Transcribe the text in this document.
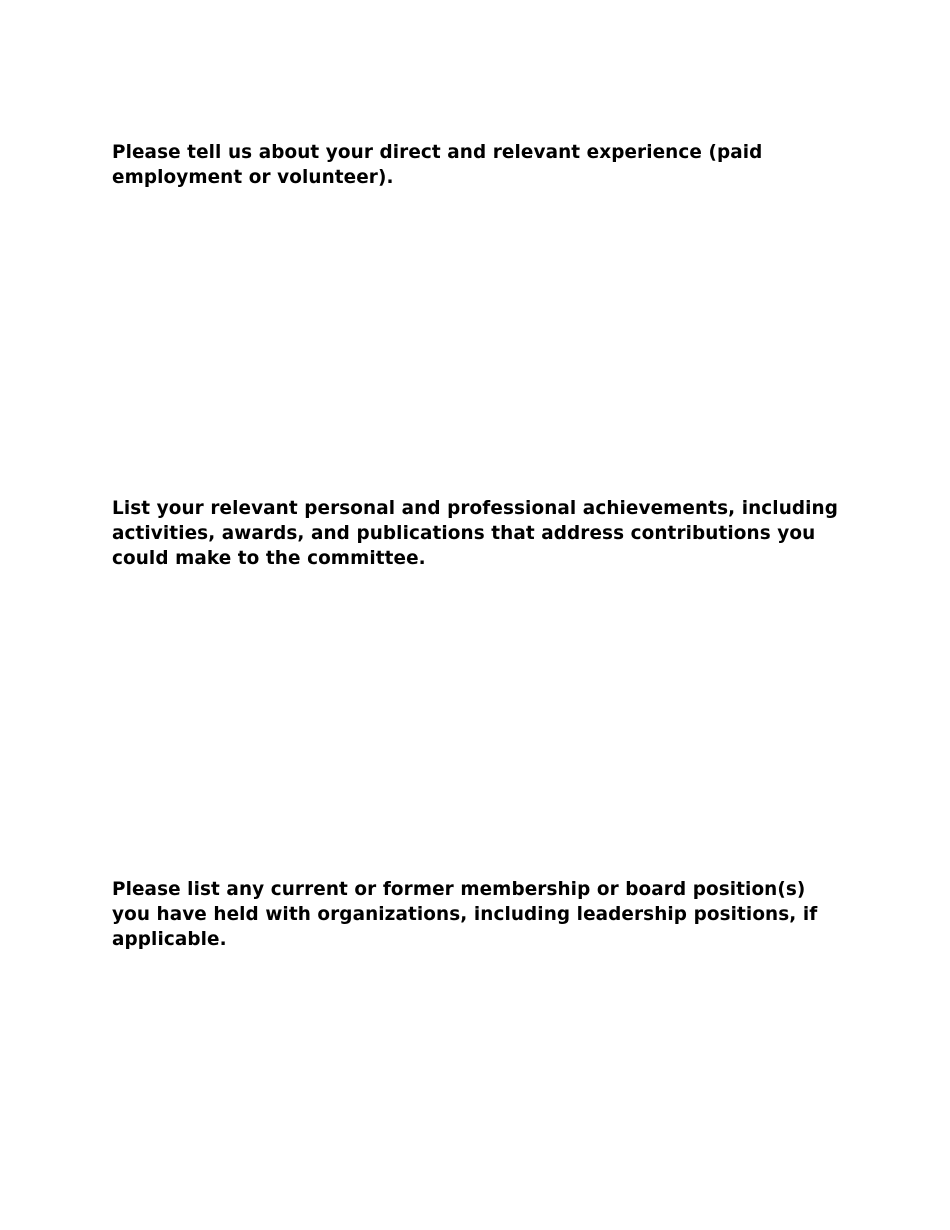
Please tell us about your direct and relevant experience (paid
employment or volunteer).

List your relevant personal and professional achievements, including
activities, awards, and publications that address contributions you
could make to the committee.

Please list any current or former membership or board position(s)
you have held with organizations, including leadership positions, if
applicable.
